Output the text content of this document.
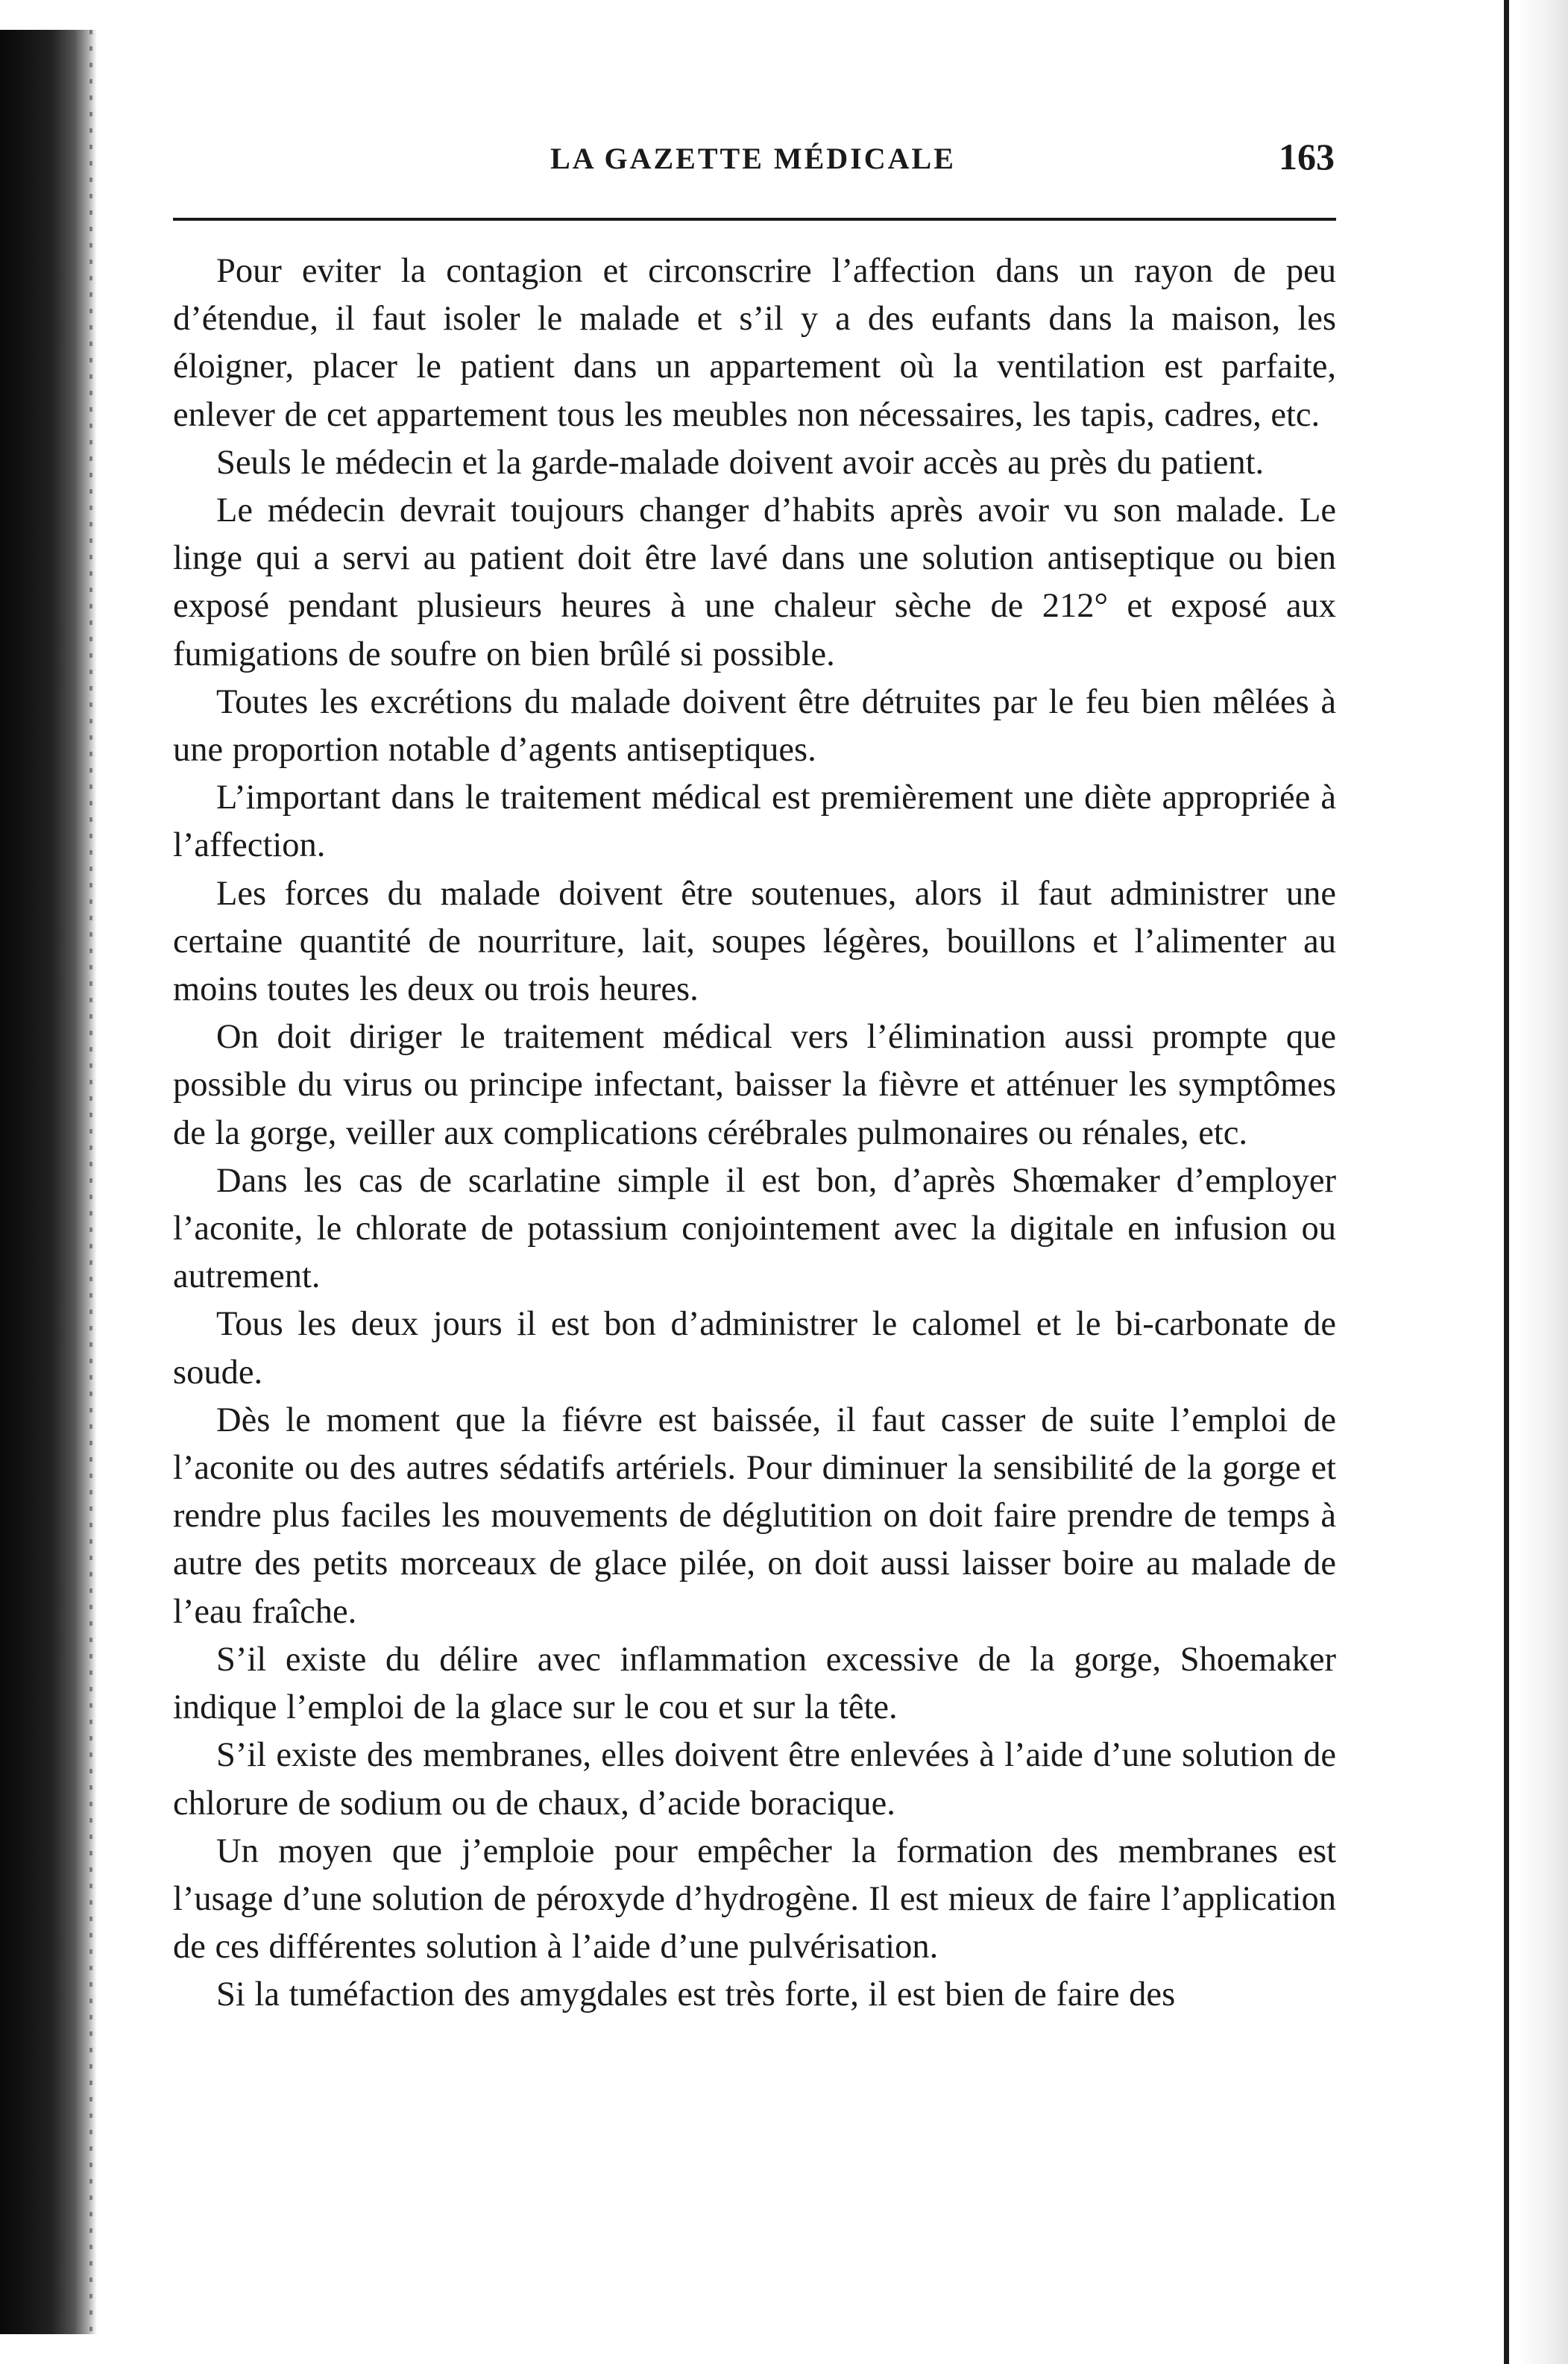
LA GAZETTE MÉDICALE	163

Pour eviter la contagion et circonscrire l’affection dans un rayon de peu d’étendue, il faut isoler le malade et s’il y a des eufants dans la maison, les éloigner, placer le patient dans un appartement où la ventilation est parfaite, enlever de cet appartement tous les meubles non nécessaires, les tapis, cadres, etc.

Seuls le médecin et la garde-malade doivent avoir accès au près du patient.

Le médecin devrait toujours changer d’habits après avoir vu son malade. Le linge qui a servi au patient doit être lavé dans une solution antiseptique ou bien exposé pendant plusieurs heures à une chaleur sèche de 212° et exposé aux fumigations de soufre on bien brûlé si possible.

Toutes les excrétions du malade doivent être détruites par le feu bien mêlées à une proportion notable d’agents antiseptiques.

L’important dans le traitement médical est premièrement une diète appropriée à l’affection.

Les forces du malade doivent être soutenues, alors il faut administrer une certaine quantité de nourriture, lait, soupes légères, bouillons et l’alimenter au moins toutes les deux ou trois heures.

On doit diriger le traitement médical vers l’élimination aussi prompte que possible du virus ou principe infectant, baisser la fièvre et atténuer les symptômes de la gorge, veiller aux complications cérébrales pulmonaires ou rénales, etc.

Dans les cas de scarlatine simple il est bon, d’après Shœmaker d’employer l’aconite, le chlorate de potassium conjointement avec la digitale en infusion ou autrement.

Tous les deux jours il est bon d’administrer le calomel et le bi-carbonate de soude.

Dès le moment que la fiévre est baissée, il faut casser de suite l’emploi de l’aconite ou des autres sédatifs artériels. Pour diminuer la sensibilité de la gorge et rendre plus faciles les mouvements de déglutition on doit faire prendre de temps à autre des petits morceaux de glace pilée, on doit aussi laisser boire au malade de l’eau fraîche.

S’il existe du délire avec inflammation excessive de la gorge, Shoemaker indique l’emploi de la glace sur le cou et sur la tête.

S’il existe des membranes, elles doivent être enlevées à l’aide d’une solution de chlorure de sodium ou de chaux, d’acide boracique.

Un moyen que j’emploie pour empêcher la formation des membranes est l’usage d’une solution de péroxyde d’hydrogène. Il est mieux de faire l’application de ces différentes solution à l’aide d’une pulvérisation.

Si la tuméfaction des amygdales est très forte, il est bien de faire des
